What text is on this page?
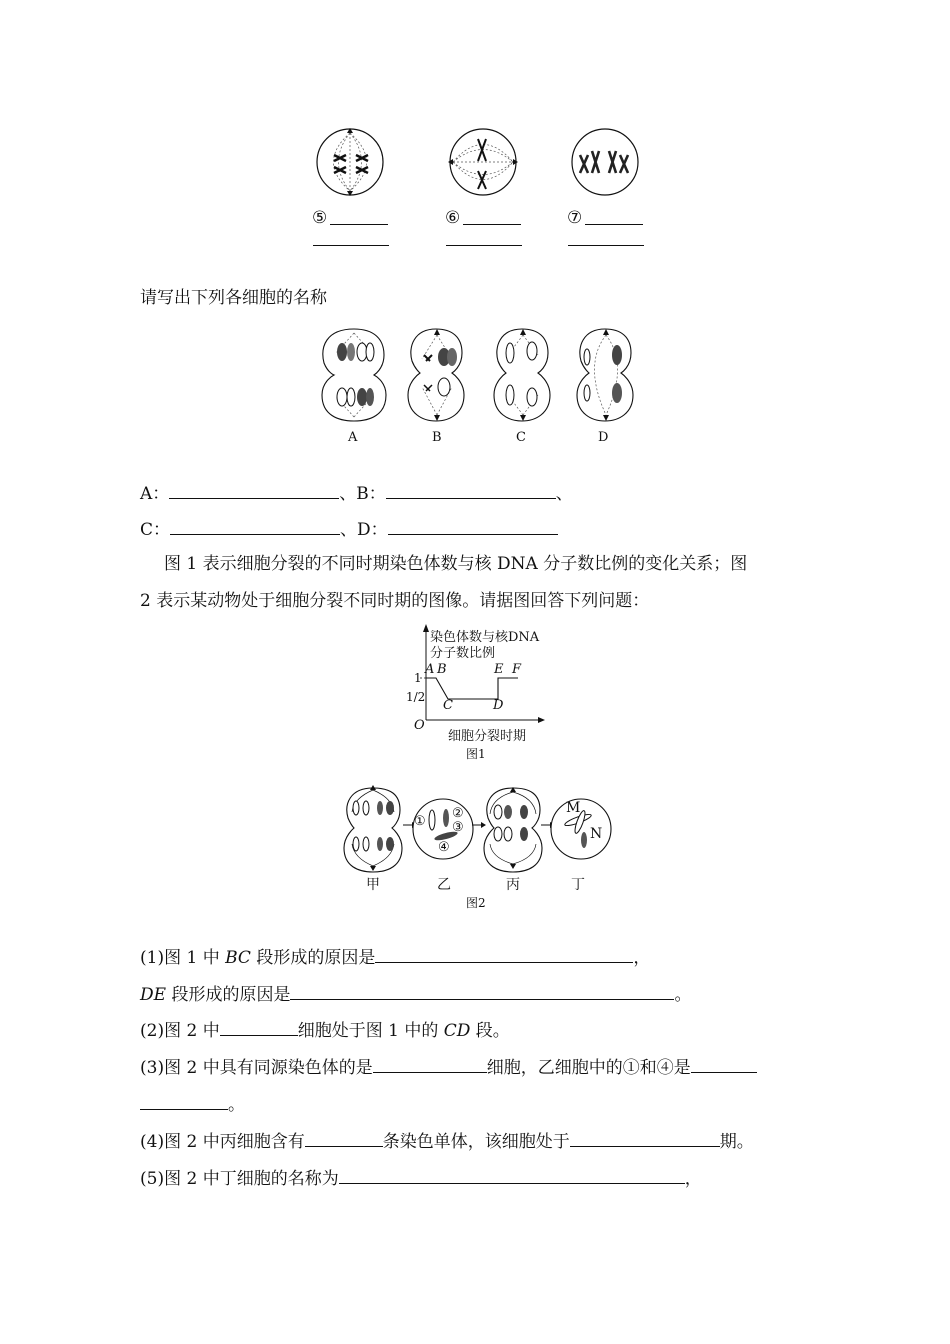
⑤	⑥	⑦
请写出下列各细胞的名称
A	B	C	D
A：	、B：	、
C：	、D：
图 1 表示细胞分裂的不同时期染色体数与核 DNA 分子数比例的变化关系；图
2 表示某动物处于细胞分裂不同时期的图像。请据图回答下列问题：
染色体数与核DNA
分子数比例
1
1/2
O
A B
C	D
E F
细胞分裂时期
图1
①
②
③
④
M
N
甲	乙	丙	丁
图2
(1)图 1 中 BC 段形成的原因是	，
DE 段形成的原因是	。
(2)图 2 中	细胞处于图 1 中的 CD 段。
(3)图 2 中具有同源染色体的是	细胞，乙细胞中的①和④是
。
(4)图 2 中丙细胞含有	条染色单体，该细胞处于	期。
(5)图 2 中丁细胞的名称为	，
